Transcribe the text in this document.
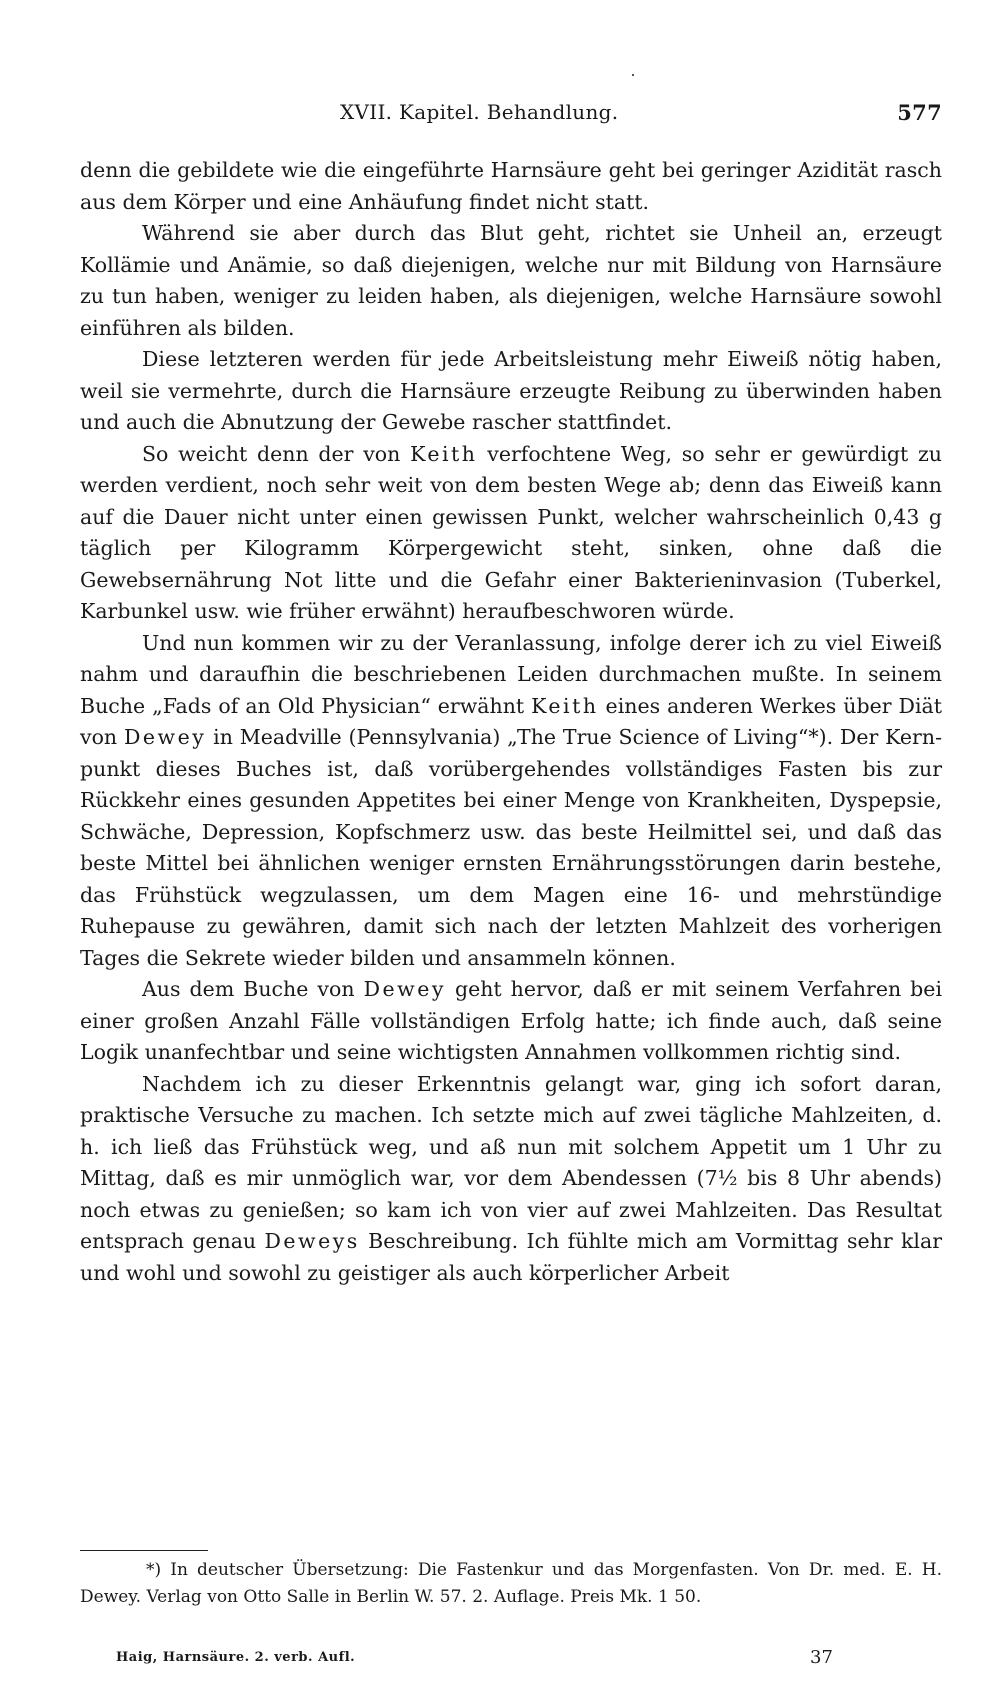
XVII. Kapitel. Behandlung.	577

denn die gebildete wie die eingeführte Harnsäure geht bei geringer Azidität rasch aus dem Körper und eine Anhäufung findet nicht statt.

Während sie aber durch das Blut geht, richtet sie Unheil an, erzeugt Kollämie und Anämie, so daß diejenigen, welche nur mit Bildung von Harnsäure zu tun haben, weniger zu leiden haben, als diejenigen, welche Harnsäure sowohl einführen als bilden.

Diese letzteren werden für jede Arbeitsleistung mehr Eiweiß nötig haben, weil sie vermehrte, durch die Harnsäure erzeugte Reibung zu überwinden haben und auch die Abnutzung der Gewebe rascher stattfindet.

So weicht denn der von Keith verfochtene Weg, so sehr er gewürdigt zu werden verdient, noch sehr weit von dem besten Wege ab; denn das Eiweiß kann auf die Dauer nicht unter einen gewissen Punkt, welcher wahrscheinlich 0,43 g täglich per Kilogramm Körpergewicht steht, sinken, ohne daß die Gewebsernährung Not litte und die Gefahr einer Bakterieninvasion (Tuberkel, Karbunkel usw. wie früher erwähnt) heraufbeschworen würde.

Und nun kommen wir zu der Veranlassung, infolge derer ich zu viel Eiweiß nahm und daraufhin die beschriebenen Leiden durchmachen mußte. In seinem Buche „Fads of an Old Physician“ erwähnt Keith eines anderen Werkes über Diät von Dewey in Meadville (Pennsylvania) „The True Science of Living“*). Der Kernpunkt dieses Buches ist, daß vorübergehendes vollständiges Fasten bis zur Rückkehr eines gesunden Appetites bei einer Menge von Krankheiten, Dyspepsie, Schwäche, Depression, Kopfschmerz usw. das beste Heilmittel sei, und daß das beste Mittel bei ähnlichen weniger ernsten Ernährungsstörungen darin bestehe, das Frühstück wegzulassen, um dem Magen eine 16- und mehrstündige Ruhepause zu gewähren, damit sich nach der letzten Mahlzeit des vorherigen Tages die Sekrete wieder bilden und ansammeln können.

Aus dem Buche von Dewey geht hervor, daß er mit seinem Verfahren bei einer großen Anzahl Fälle vollständigen Erfolg hatte; ich finde auch, daß seine Logik unanfechtbar und seine wichtigsten Annahmen vollkommen richtig sind.

Nachdem ich zu dieser Erkenntnis gelangt war, ging ich sofort daran, praktische Versuche zu machen. Ich setzte mich auf zwei tägliche Mahlzeiten, d. h. ich ließ das Frühstück weg, und aß nun mit solchem Appetit um 1 Uhr zu Mittag, daß es mir unmöglich war, vor dem Abendessen (7½ bis 8 Uhr abends) noch etwas zu genießen; so kam ich von vier auf zwei Mahlzeiten. Das Resultat entsprach genau Deweys Beschreibung. Ich fühlte mich am Vormittag sehr klar und wohl und sowohl zu geistiger als auch körperlicher Arbeit

*) In deutscher Übersetzung: Die Fastenkur und das Morgenfasten. Von Dr. med. E. H. Dewey. Verlag von Otto Salle in Berlin W. 57. 2. Auflage. Preis Mk. 1 50.
Haig, Harnsäure. 2. verb. Aufl.	37
